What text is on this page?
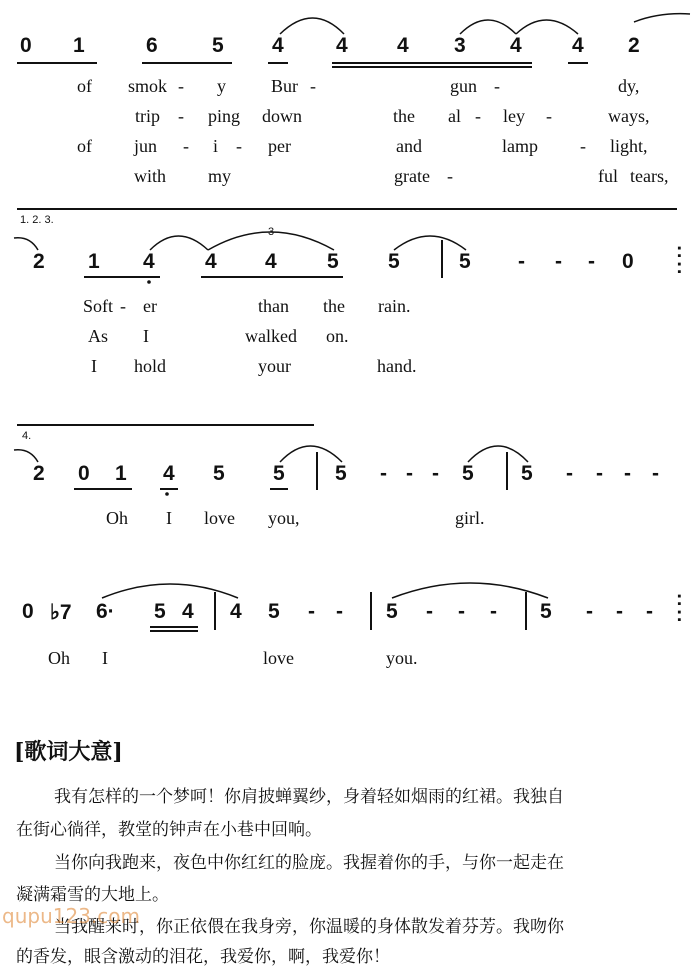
0 1	6	5 4 4 4 3 4 4 2
of smok - y	Bur -	gun -	dy,
trip - ping down	the al - ley -	ways,
of jun - i - per	and	lamp - light,
with my	grate -	ful tears,
1. 2. 3.
3
2 1 4 4 4 5 5	5	0
- - -	:
:
Soft - er	than the rain.
As I	walked on.
I hold	your	hand.
4.
2 0 1 4 5 5 5	5 5
- - -	- - - -
Oh I love you,	girl.
0 ♭7 6· 5 4 4 5	5	5
- -	- - -	- - -
:
:
Oh I	love	you.
[歌词大意]
我有怎样的一个梦呵！你肩披蝉翼纱，身着轻如烟雨的红裙。我独自
在街心徜徉，教堂的钟声在小巷中回响。
当你向我跑来，夜色中你红红的脸庞。我握着你的手，与你一起走在
凝满霜雪的大地上。
当我醒来时，你正依偎在我身旁，你温暖的身体散发着芬芳。我吻你
的香发，眼含激动的泪花，我爱你，啊，我爱你！
qupu123.com
